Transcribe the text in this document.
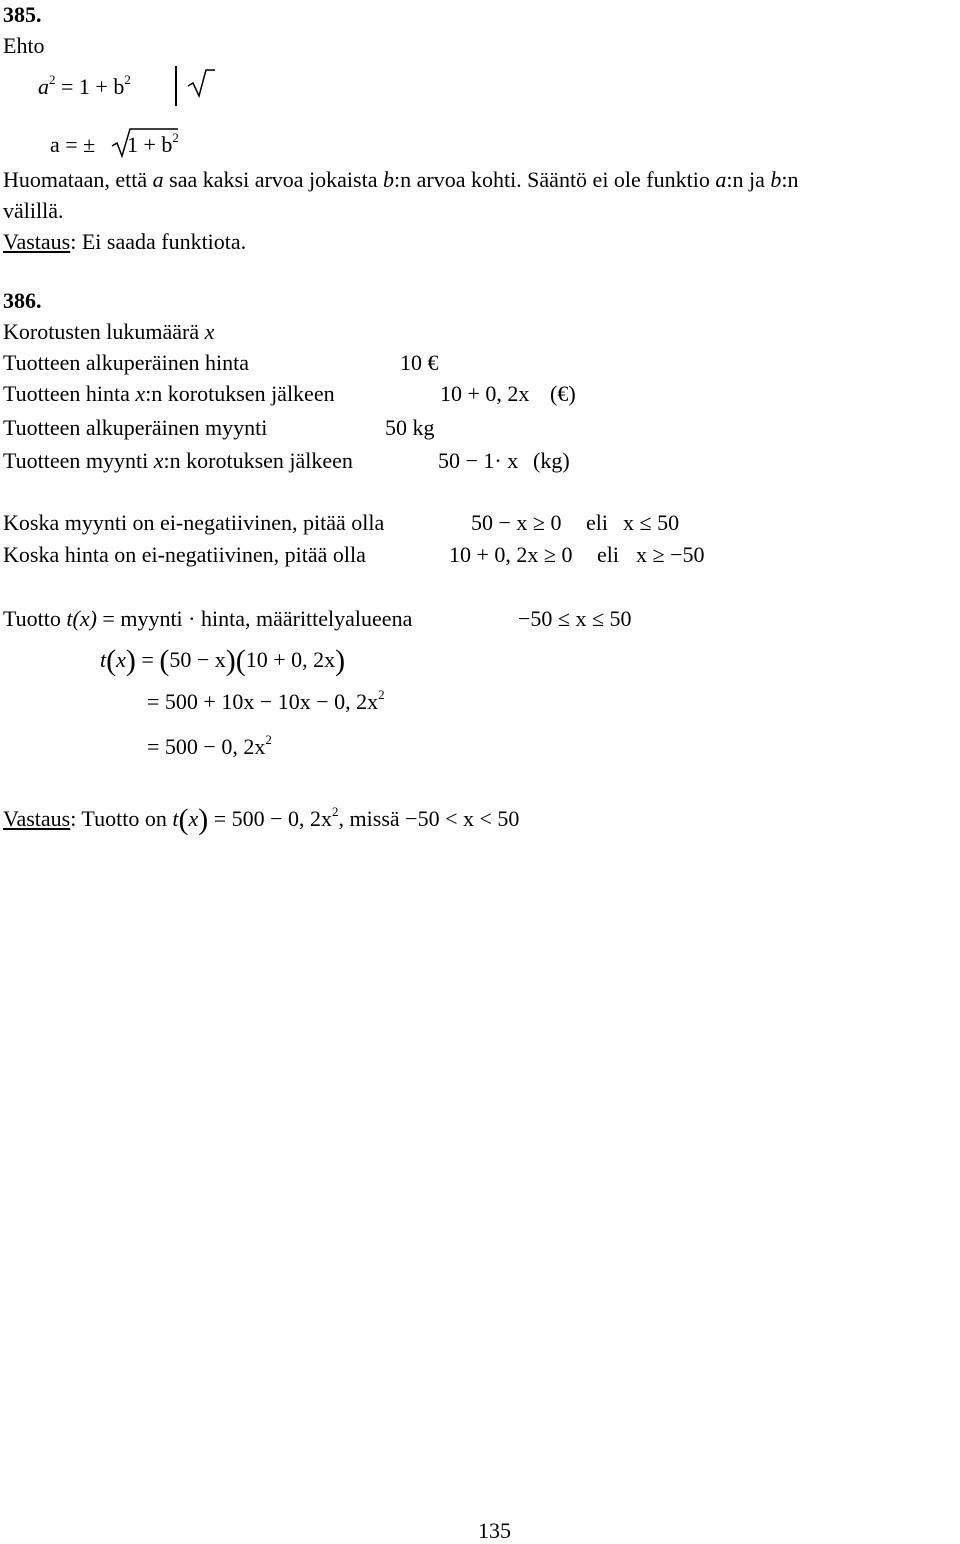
385.
Ehto
$a^2 = 1 + b^2$
a = ± $1 + b^2$
Huomataan, että a saa kaksi arvoa jokaista b:n arvoa kohti. Sääntö ei ole funktio a:n ja b:n
välillä.
Vastaus: Ei saada funktiota.
386.
Korotusten lukumäärä x
Tuotteen alkuperäinen hinta	10 €
Tuotteen hinta x:n korotuksen jälkeen	10 + 0, 2x (€)
Tuotteen alkuperäinen myynti	50 kg
Tuotteen myynti x:n korotuksen jälkeen	50 − 1· x (kg)
Koska myynti on ei-negatiivinen, pitää olla	50 − x ≥ 0 eli x ≤ 50
Koska hinta on ei-negatiivinen, pitää olla	10 + 0, 2x ≥ 0 eli x ≥ −50
Tuotto t(x) = myynti · hinta, määrittelyalueena	−50 ≤ x ≤ 50
t(x) = (50 − x)(10 + 0, 2x)
= 500 + 10x − 10x − 0, $2x^2$
= 500 − 0, $2x^2$
Vastaus: Tuotto on t(x) = 500 − 0, $2x^2$, missä −50 < x < 50
135
